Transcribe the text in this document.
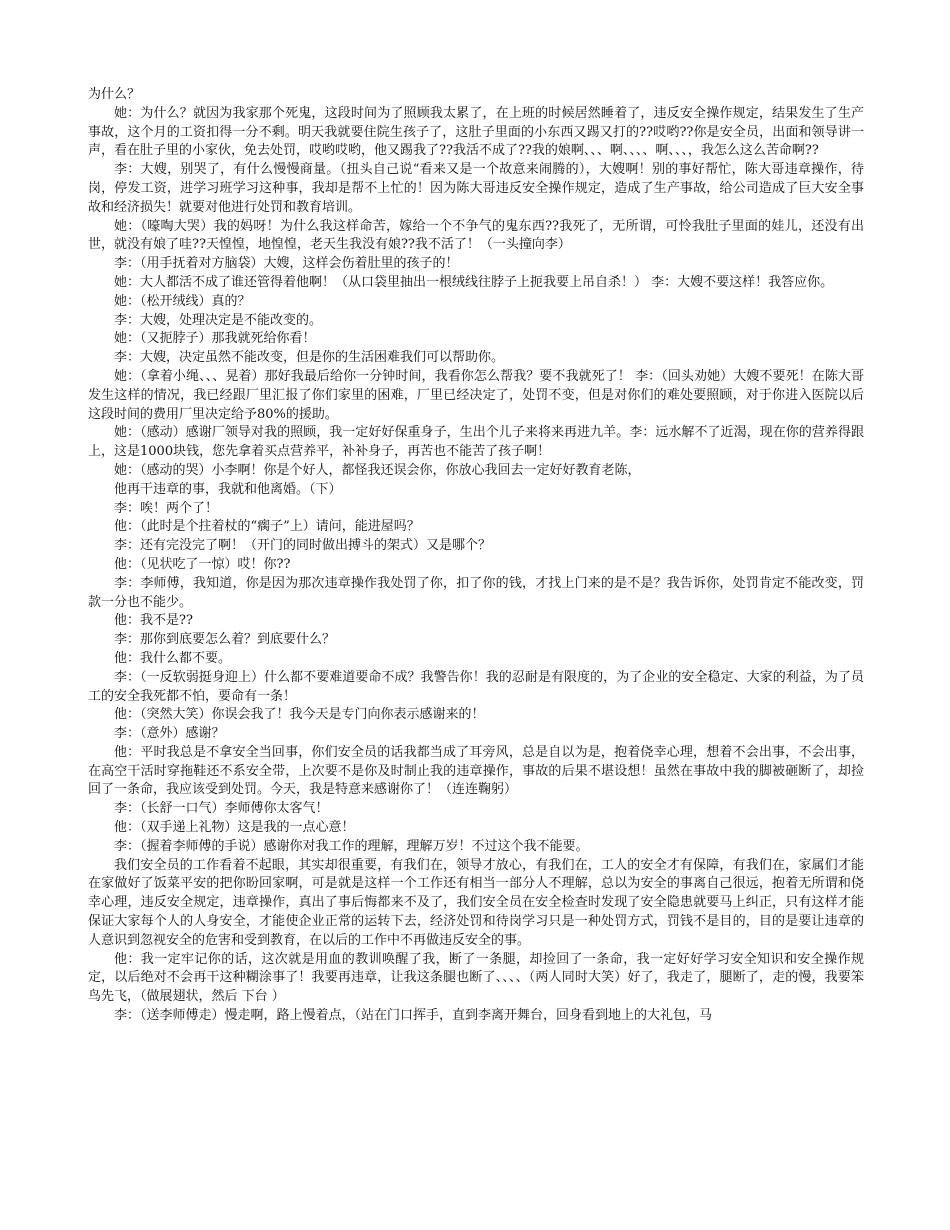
为什么？

她：为什么？就因为我家那个死鬼，这段时间为了照顾我太累了，在上班的时候居然睡着了，违反安全操作规定，结果发生了生产事故，这个月的工资扣得一分不剩。明天我就要住院生孩子了，这肚子里面的小东西又踢又打的??哎哟??你是安全员，出面和领导讲一声，看在肚子里的小家伙，免去处罚，哎哟哎哟，他又踢我了??我活不成了??我的娘啊、、、啊、、、、啊、、、，我怎么这么苦命啊??

李：大嫂，别哭了，有什么慢慢商量。（扭头自己说“看来又是一个故意来闹腾的），大嫂啊！别的事好帮忙，陈大哥违章操作，待岗，停发工资，进学习班学习这种事，我却是帮不上忙的！因为陈大哥违反安全操作规定，造成了生产事故，给公司造成了巨大安全事故和经济损失！就要对他进行处罚和教育培训。

她：（嚎啕大哭）我的妈呀！为什么我这样命苦，嫁给一个不争气的鬼东西??我死了，无所谓，可怜我肚子里面的娃儿，还没有出世，就没有娘了哇??天惶惶，地惶惶，老天生我没有娘??我不活了！（一头撞向李）

李：（用手抚着对方脑袋）大嫂，这样会伤着肚里的孩子的！

她：大人都活不成了谁还管得着他啊！（从口袋里抽出一根绒线往脖子上扼我要上吊自杀！） 李：大嫂不要这样！我答应你。

她：（松开绒线）真的？

李：大嫂，处理决定是不能改变的。

她：（又扼脖子）那我就死给你看！

李：大嫂，决定虽然不能改变，但是你的生活困难我们可以帮助你。

她：（拿着小绳、、、晃着）那好我最后给你一分钟时间，我看你怎么帮我？要不我就死了！ 李：（回头劝她）大嫂不要死！在陈大哥发生这样的情况，我已经跟厂里汇报了你们家里的困难，厂里已经决定了，处罚不变，但是对你们的难处要照顾，对于你进入医院以后这段时间的费用厂里决定给予80%的援助。

她：（感动）感谢厂领导对我的照顾，我一定好好保重身子，生出个儿子来将来再进九羊。李：远水解不了近渴，现在你的营养得跟上，这是1000块钱，您先拿着买点营养平，补补身子，再苦也不能苦了孩子啊！

她：（感动的哭）小李啊！你是个好人，都怪我还误会你，你放心我回去一定好好教育老陈，

他再干违章的事，我就和他离婚。（下）

李：唉！两个了！

他：（此时是个拄着杖的“瘸子”上）请问，能进屋吗？

李：还有完没完了啊！（开门的同时做出搏斗的架式）又是哪个？

他：（见状吃了一惊）哎！你??

李：李师傅，我知道，你是因为那次违章操作我处罚了你，扣了你的钱，才找上门来的是不是？我告诉你，处罚肯定不能改变，罚款一分也不能少。

他：我不是??

李：那你到底要怎么着？到底要什么？

他：我什么都不要。

李：（一反软弱挺身迎上）什么都不要难道要命不成？我警告你！我的忍耐是有限度的，为了企业的安全稳定、大家的利益，为了员工的安全我死都不怕，要命有一条！

他：（突然大笑）你误会我了！我今天是专门向你表示感谢来的！

李：（意外）感谢？

他：平时我总是不拿安全当回事，你们安全员的话我都当成了耳旁风，总是自以为是，抱着侥幸心理，想着不会出事，不会出事，在高空干活时穿拖鞋还不系安全带，上次要不是你及时制止我的违章操作，事故的后果不堪设想！虽然在事故中我的脚被砸断了，却捡回了一条命，我应该受到处罚。今天，我是特意来感谢你了！（连连鞠躬）

李：（长舒一口气）李师傅你太客气！

他：（双手递上礼物）这是我的一点心意！

李：（握着李师傅的手说）感谢你对我工作的理解，理解万岁！不过这个我不能要。

我们安全员的工作看着不起眼，其实却很重要，有我们在，领导才放心，有我们在，工人的安全才有保障，有我们在，家属们才能在家做好了饭菜平安的把你盼回家啊，可是就是这样一个工作还有相当一部分人不理解，总以为安全的事离自己很远，抱着无所谓和侥幸心理，违反安全规定，违章操作，真出了事后悔都来不及了，我们安全员在安全检查时发现了安全隐患就要马上纠正，只有这样才能保证大家每个人的人身安全，才能使企业正常的运转下去，经济处罚和待岗学习只是一种处罚方式，罚钱不是目的，目的是要让违章的人意识到忽视安全的危害和受到教育，在以后的工作中不再做违反安全的事。

他：我一定牢记你的话，这次就是用血的教训唤醒了我，断了一条腿，却捡回了一条命，我一定好好学习安全知识和安全操作规定，以后绝对不会再干这种糊涂事了！我要再违章，让我这条腿也断了、、、、（两人同时大笑）好了，我走了，腿断了，走的慢，我要笨鸟先飞，（做展翅状，然后 下台 ）

李：（送李师傅走）慢走啊，路上慢着点，（站在门口挥手，直到李离开舞台，回身看到地上的大礼包，马
